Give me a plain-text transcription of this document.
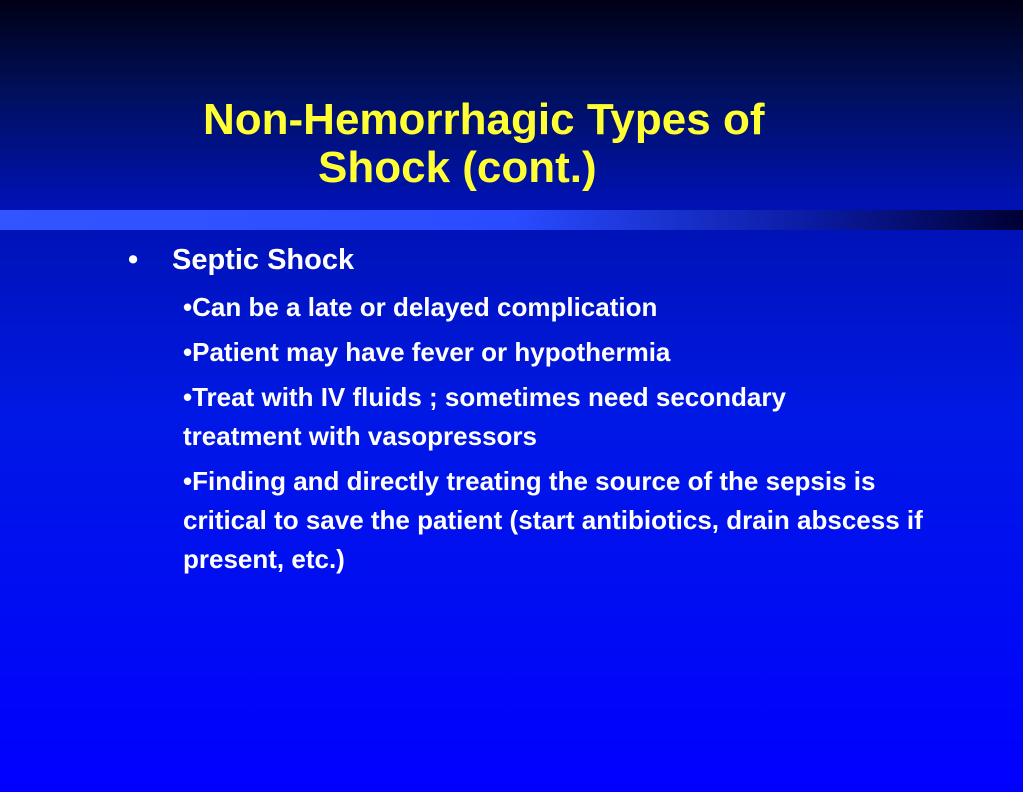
Non-Hemorrhagic Types of
Shock (cont.)
• Septic Shock
•Can be a late or delayed complication
•Patient may have fever or hypothermia
•Treat with IV fluids ; sometimes need secondary treatment with vasopressors
•Finding and directly treating the source of the sepsis is critical to save the patient (start antibiotics, drain abscess if present, etc.)
